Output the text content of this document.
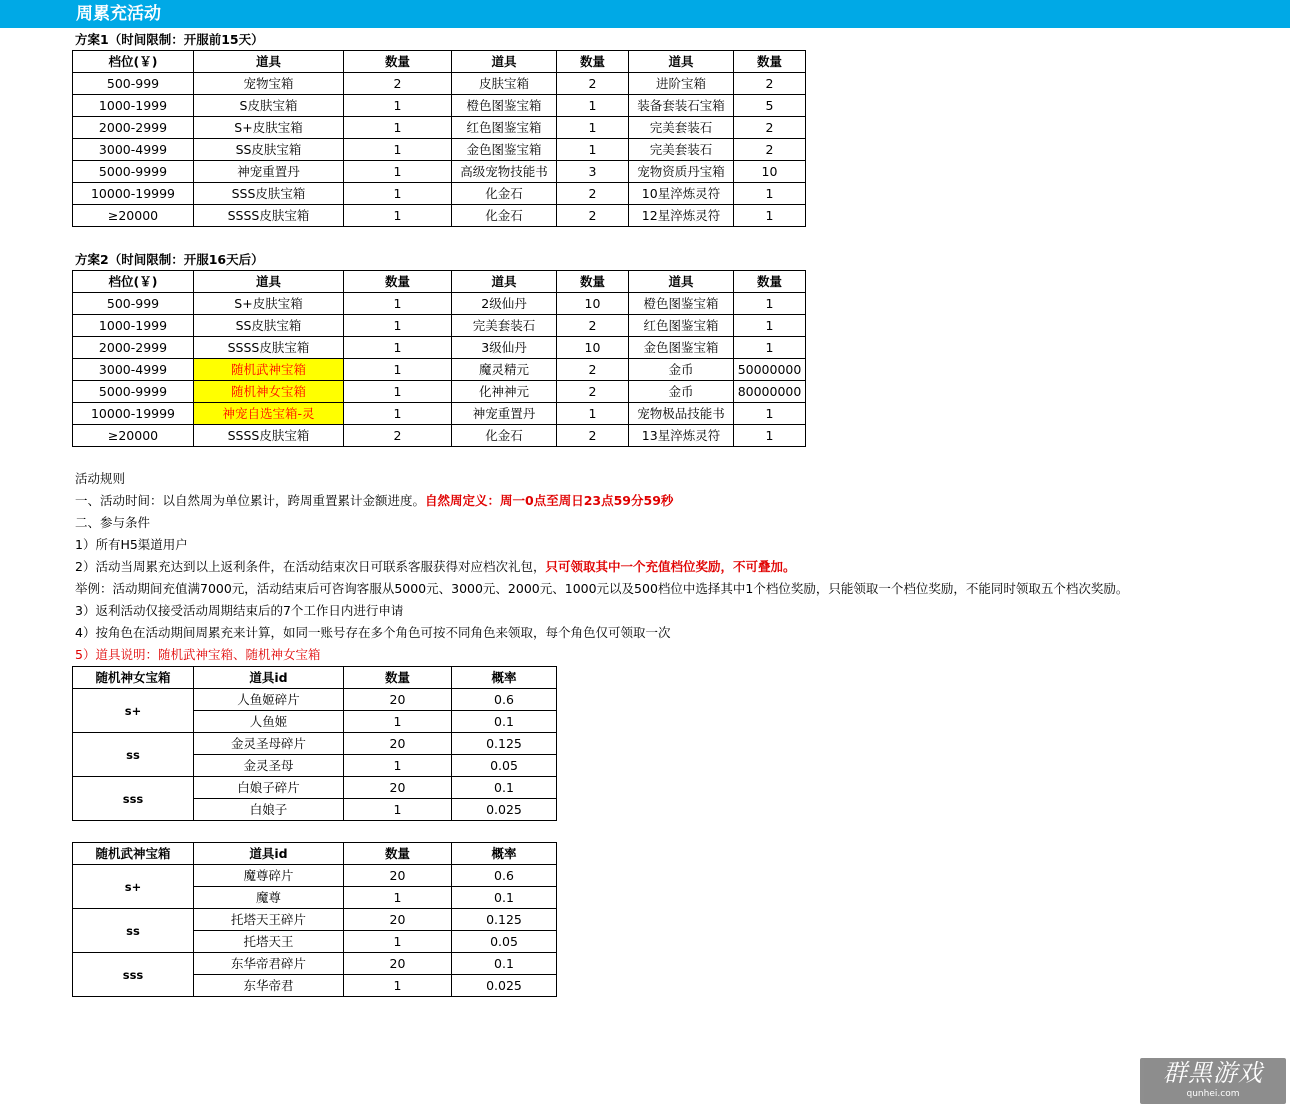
周累充活动
方案1（时间限制：开服前15天）
档位(￥)	道具	数量	道具	数量	道具	数量
500-999	宠物宝箱	2	皮肤宝箱	2	进阶宝箱	2
1000-1999	S皮肤宝箱	1	橙色图鉴宝箱	1	装备套装石宝箱	5
2000-2999	S+皮肤宝箱	1	红色图鉴宝箱	1	完美套装石	2
3000-4999	SS皮肤宝箱	1	金色图鉴宝箱	1	完美套装石	2
5000-9999	神宠重置丹	1	高级宠物技能书	3	宠物资质丹宝箱	10
10000-19999	SSS皮肤宝箱	1	化金石	2	10星淬炼灵符	1
≥20000	SSSS皮肤宝箱	1	化金石	2	12星淬炼灵符	1
方案2（时间限制：开服16天后）
档位(￥)	道具	数量	道具	数量	道具	数量
500-999	S+皮肤宝箱	1	2级仙丹	10	橙色图鉴宝箱	1
1000-1999	SS皮肤宝箱	1	完美套装石	2	红色图鉴宝箱	1
2000-2999	SSSS皮肤宝箱	1	3级仙丹	10	金色图鉴宝箱	1
3000-4999	随机武神宝箱	1	魔灵精元	2	金币	50000000
5000-9999	随机神女宝箱	1	化神神元	2	金币	80000000
10000-19999	神宠自选宝箱-灵	1	神宠重置丹	1	宠物极品技能书	1
≥20000	SSSS皮肤宝箱	2	化金石	2	13星淬炼灵符	1
活动规则
一、活动时间：以自然周为单位累计，跨周重置累计金额进度。自然周定义：周一0点至周日23点59分59秒
二、参与条件
1）所有H5渠道用户
2）活动当周累充达到以上返利条件，在活动结束次日可联系客服获得对应档次礼包，只可领取其中一个充值档位奖励，不可叠加。
举例：活动期间充值满7000元，活动结束后可咨询客服从5000元、3000元、2000元、1000元以及500档位中选择其中1个档位奖励，只能领取一个档位奖励，不能同时领取五个档次奖励。
3）返利活动仅接受活动周期结束后的7个工作日内进行申请
4）按角色在活动期间周累充来计算，如同一账号存在多个角色可按不同角色来领取，每个角色仅可领取一次
5）道具说明：随机武神宝箱、随机神女宝箱
随机神女宝箱	道具id	数量	概率
s+	人鱼姬碎片	20	0.6
	人鱼姬	1	0.1
ss	金灵圣母碎片	20	0.125
	金灵圣母	1	0.05
sss	白娘子碎片	20	0.1
	白娘子	1	0.025
随机武神宝箱	道具id	数量	概率
s+	魔尊碎片	20	0.6
	魔尊	1	0.1
ss	托塔天王碎片	20	0.125
	托塔天王	1	0.05
sss	东华帝君碎片	20	0.1
	东华帝君	1	0.025
群黑游戏
qunhei.com
